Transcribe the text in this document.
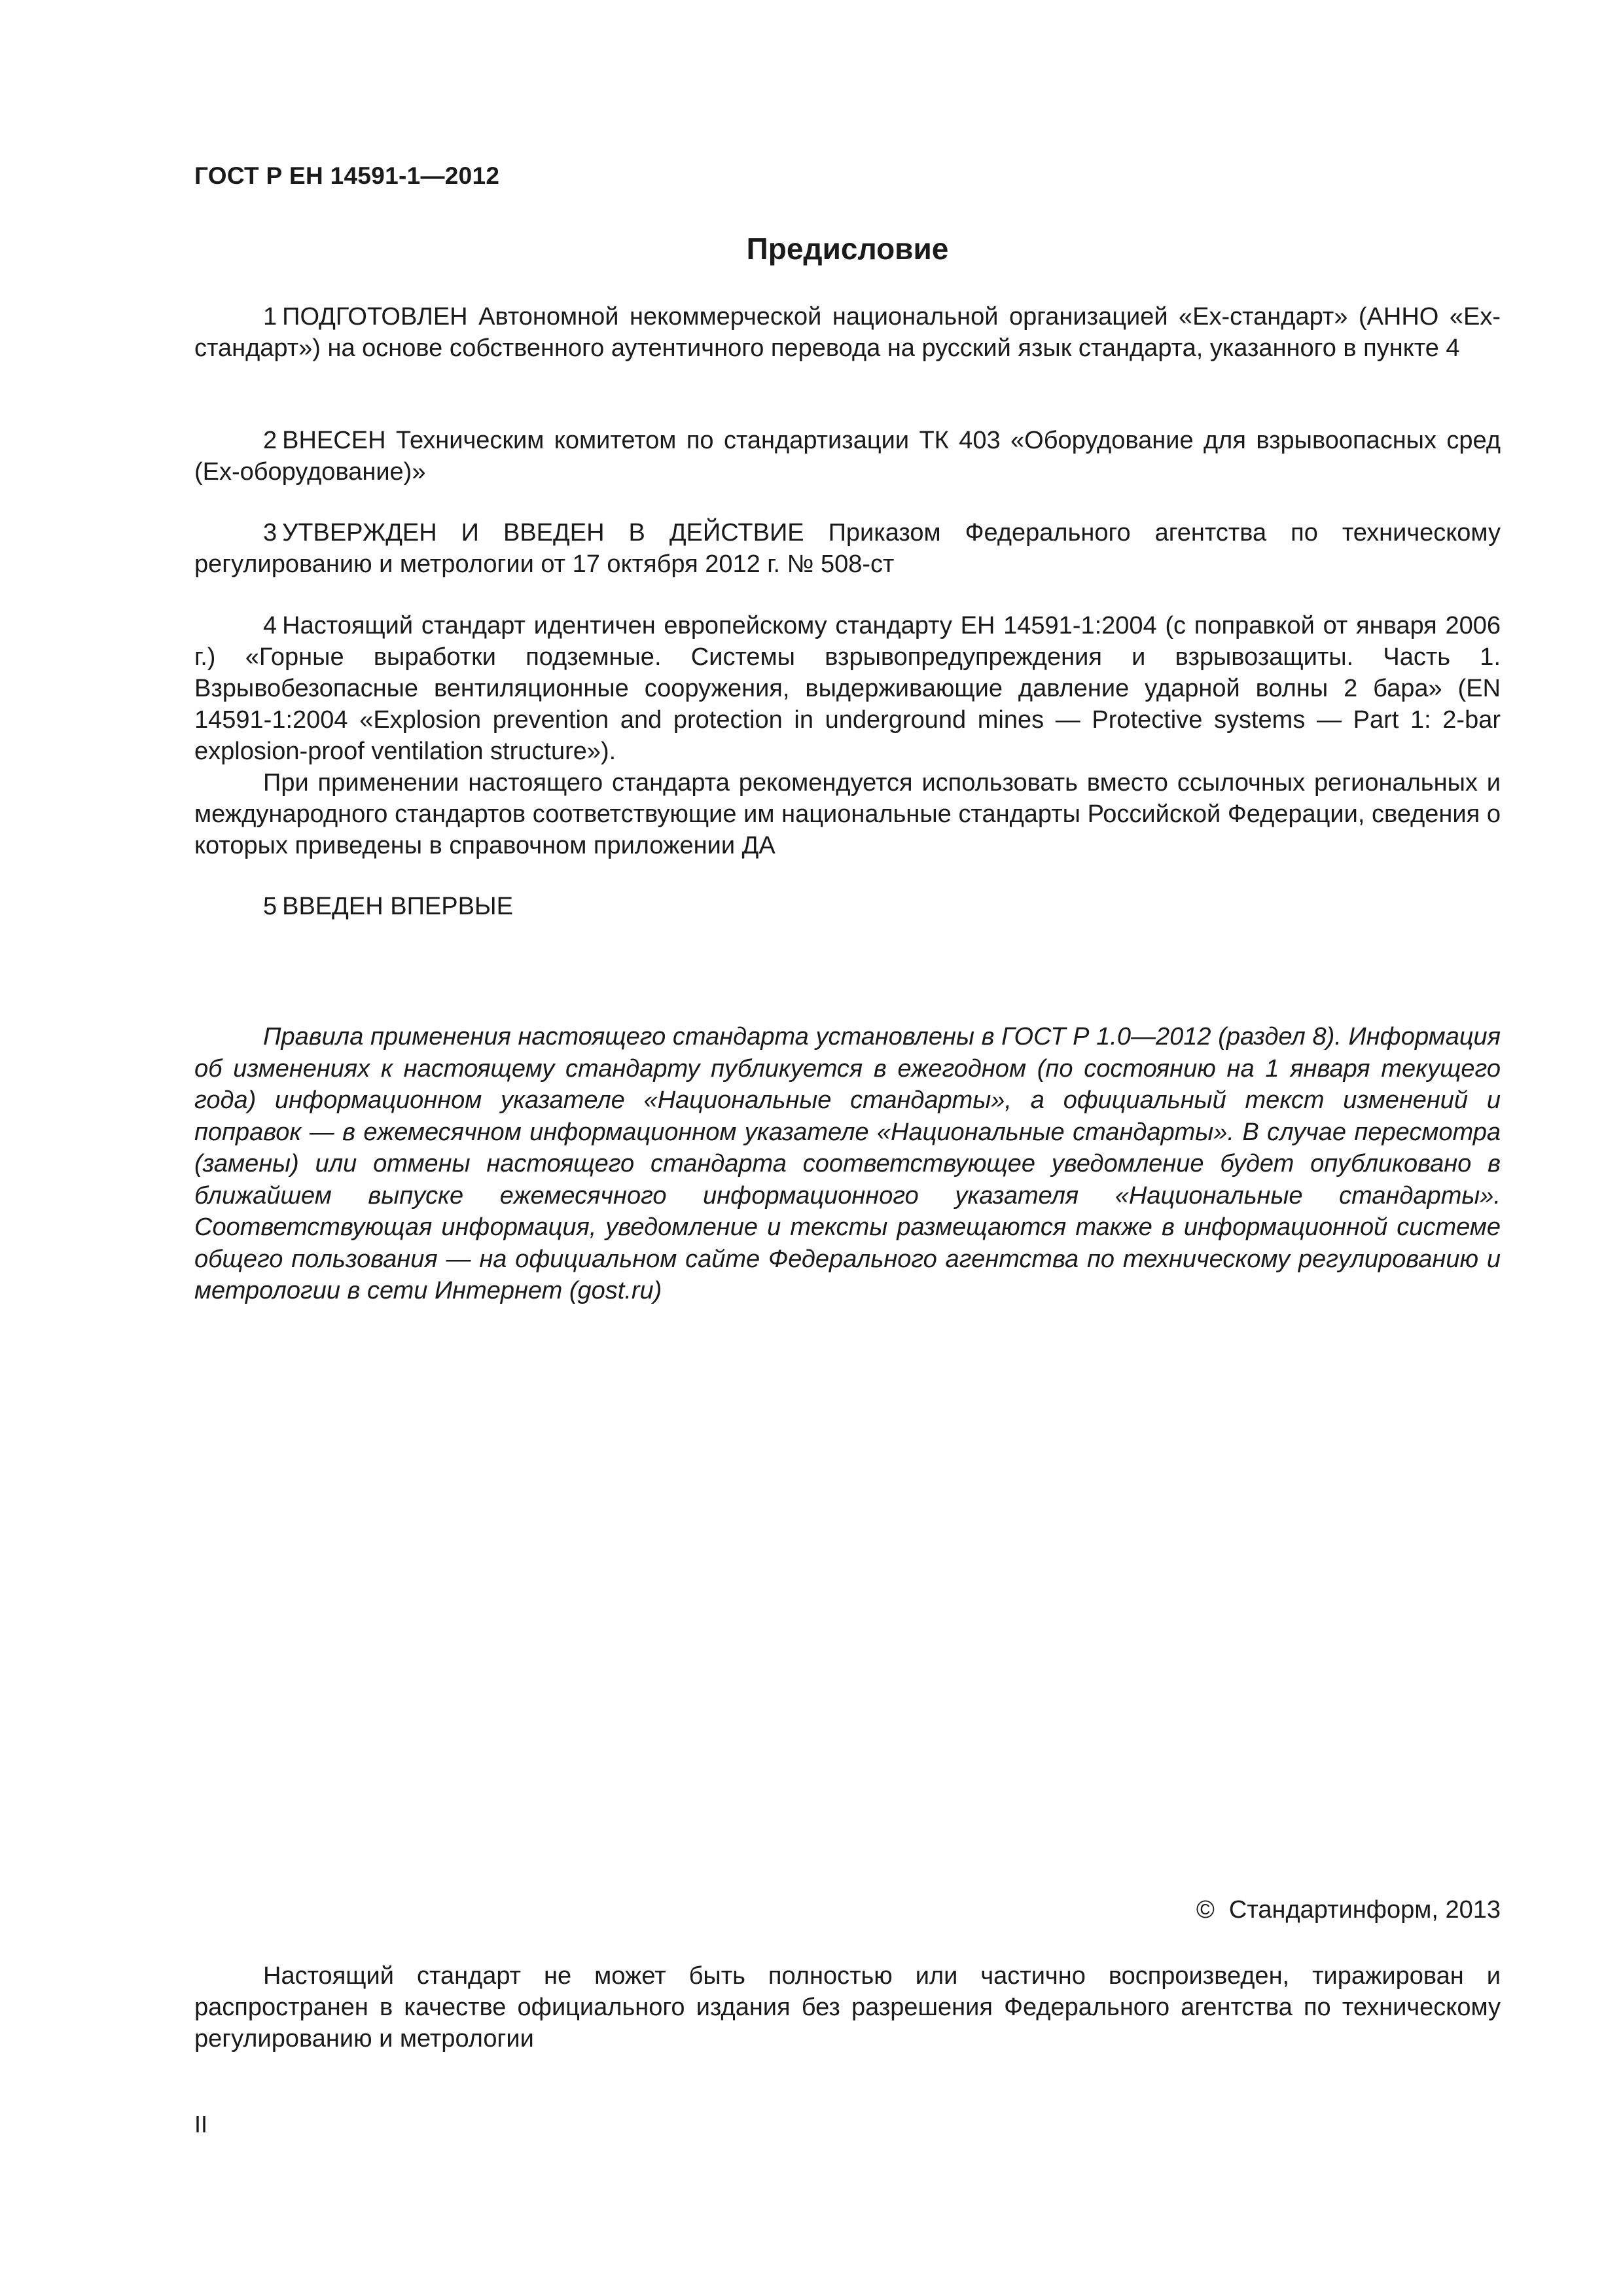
ГОСТ Р ЕН 14591-1—2012

Предисловие

1 ПОДГОТОВЛЕН Автономной некоммерческой национальной организацией «Ех-стандарт» (АННО «Ех-стандарт») на основе собственного аутентичного перевода на русский язык стандарта, указанного в пункте 4

2 ВНЕСЕН Техническим комитетом по стандартизации ТК 403 «Оборудование для взрывоопасных сред (Ех-оборудование)»

3 УТВЕРЖДЕН И ВВЕДЕН В ДЕЙСТВИЕ Приказом Федерального агентства по техническому регулированию и метрологии от 17 октября 2012 г. № 508-ст

4 Настоящий стандарт идентичен европейскому стандарту ЕН 14591-1:2004 (с поправкой от января 2006 г.) «Горные выработки подземные. Системы взрывопредупреждения и взрывозащиты. Часть 1. Взрывобезопасные вентиляционные сооружения, выдерживающие давление ударной волны 2 бара» (EN 14591-1:2004 «Explosion prevention and protection in underground mines — Protective systems — Part 1: 2-bar explosion-proof ventilation structure»).

При применении настоящего стандарта рекомендуется использовать вместо ссылочных региональных и международного стандартов соответствующие им национальные стандарты Российской Федерации, сведения о которых приведены в справочном приложении ДА

5 ВВЕДЕН ВПЕРВЫЕ

Правила применения настоящего стандарта установлены в ГОСТ Р 1.0—2012 (раздел 8). Информация об изменениях к настоящему стандарту публикуется в ежегодном (по состоянию на 1 января текущего года) информационном указателе «Национальные стандарты», а официальный текст изменений и поправок — в ежемесячном информационном указателе «Национальные стандарты». В случае пересмотра (замены) или отмены настоящего стандарта соответствующее уведомление будет опубликовано в ближайшем выпуске ежемесячного информационного указателя «Национальные стандарты». Соответствующая информация, уведомление и тексты размещаются также в информационной системе общего пользования — на официальном сайте Федерального агентства по техническому регулированию и метрологии в сети Интернет (gost.ru)

© Стандартинформ, 2013

Настоящий стандарт не может быть полностью или частично воспроизведен, тиражирован и распространен в качестве официального издания без разрешения Федерального агентства по техническому регулированию и метрологии

II
